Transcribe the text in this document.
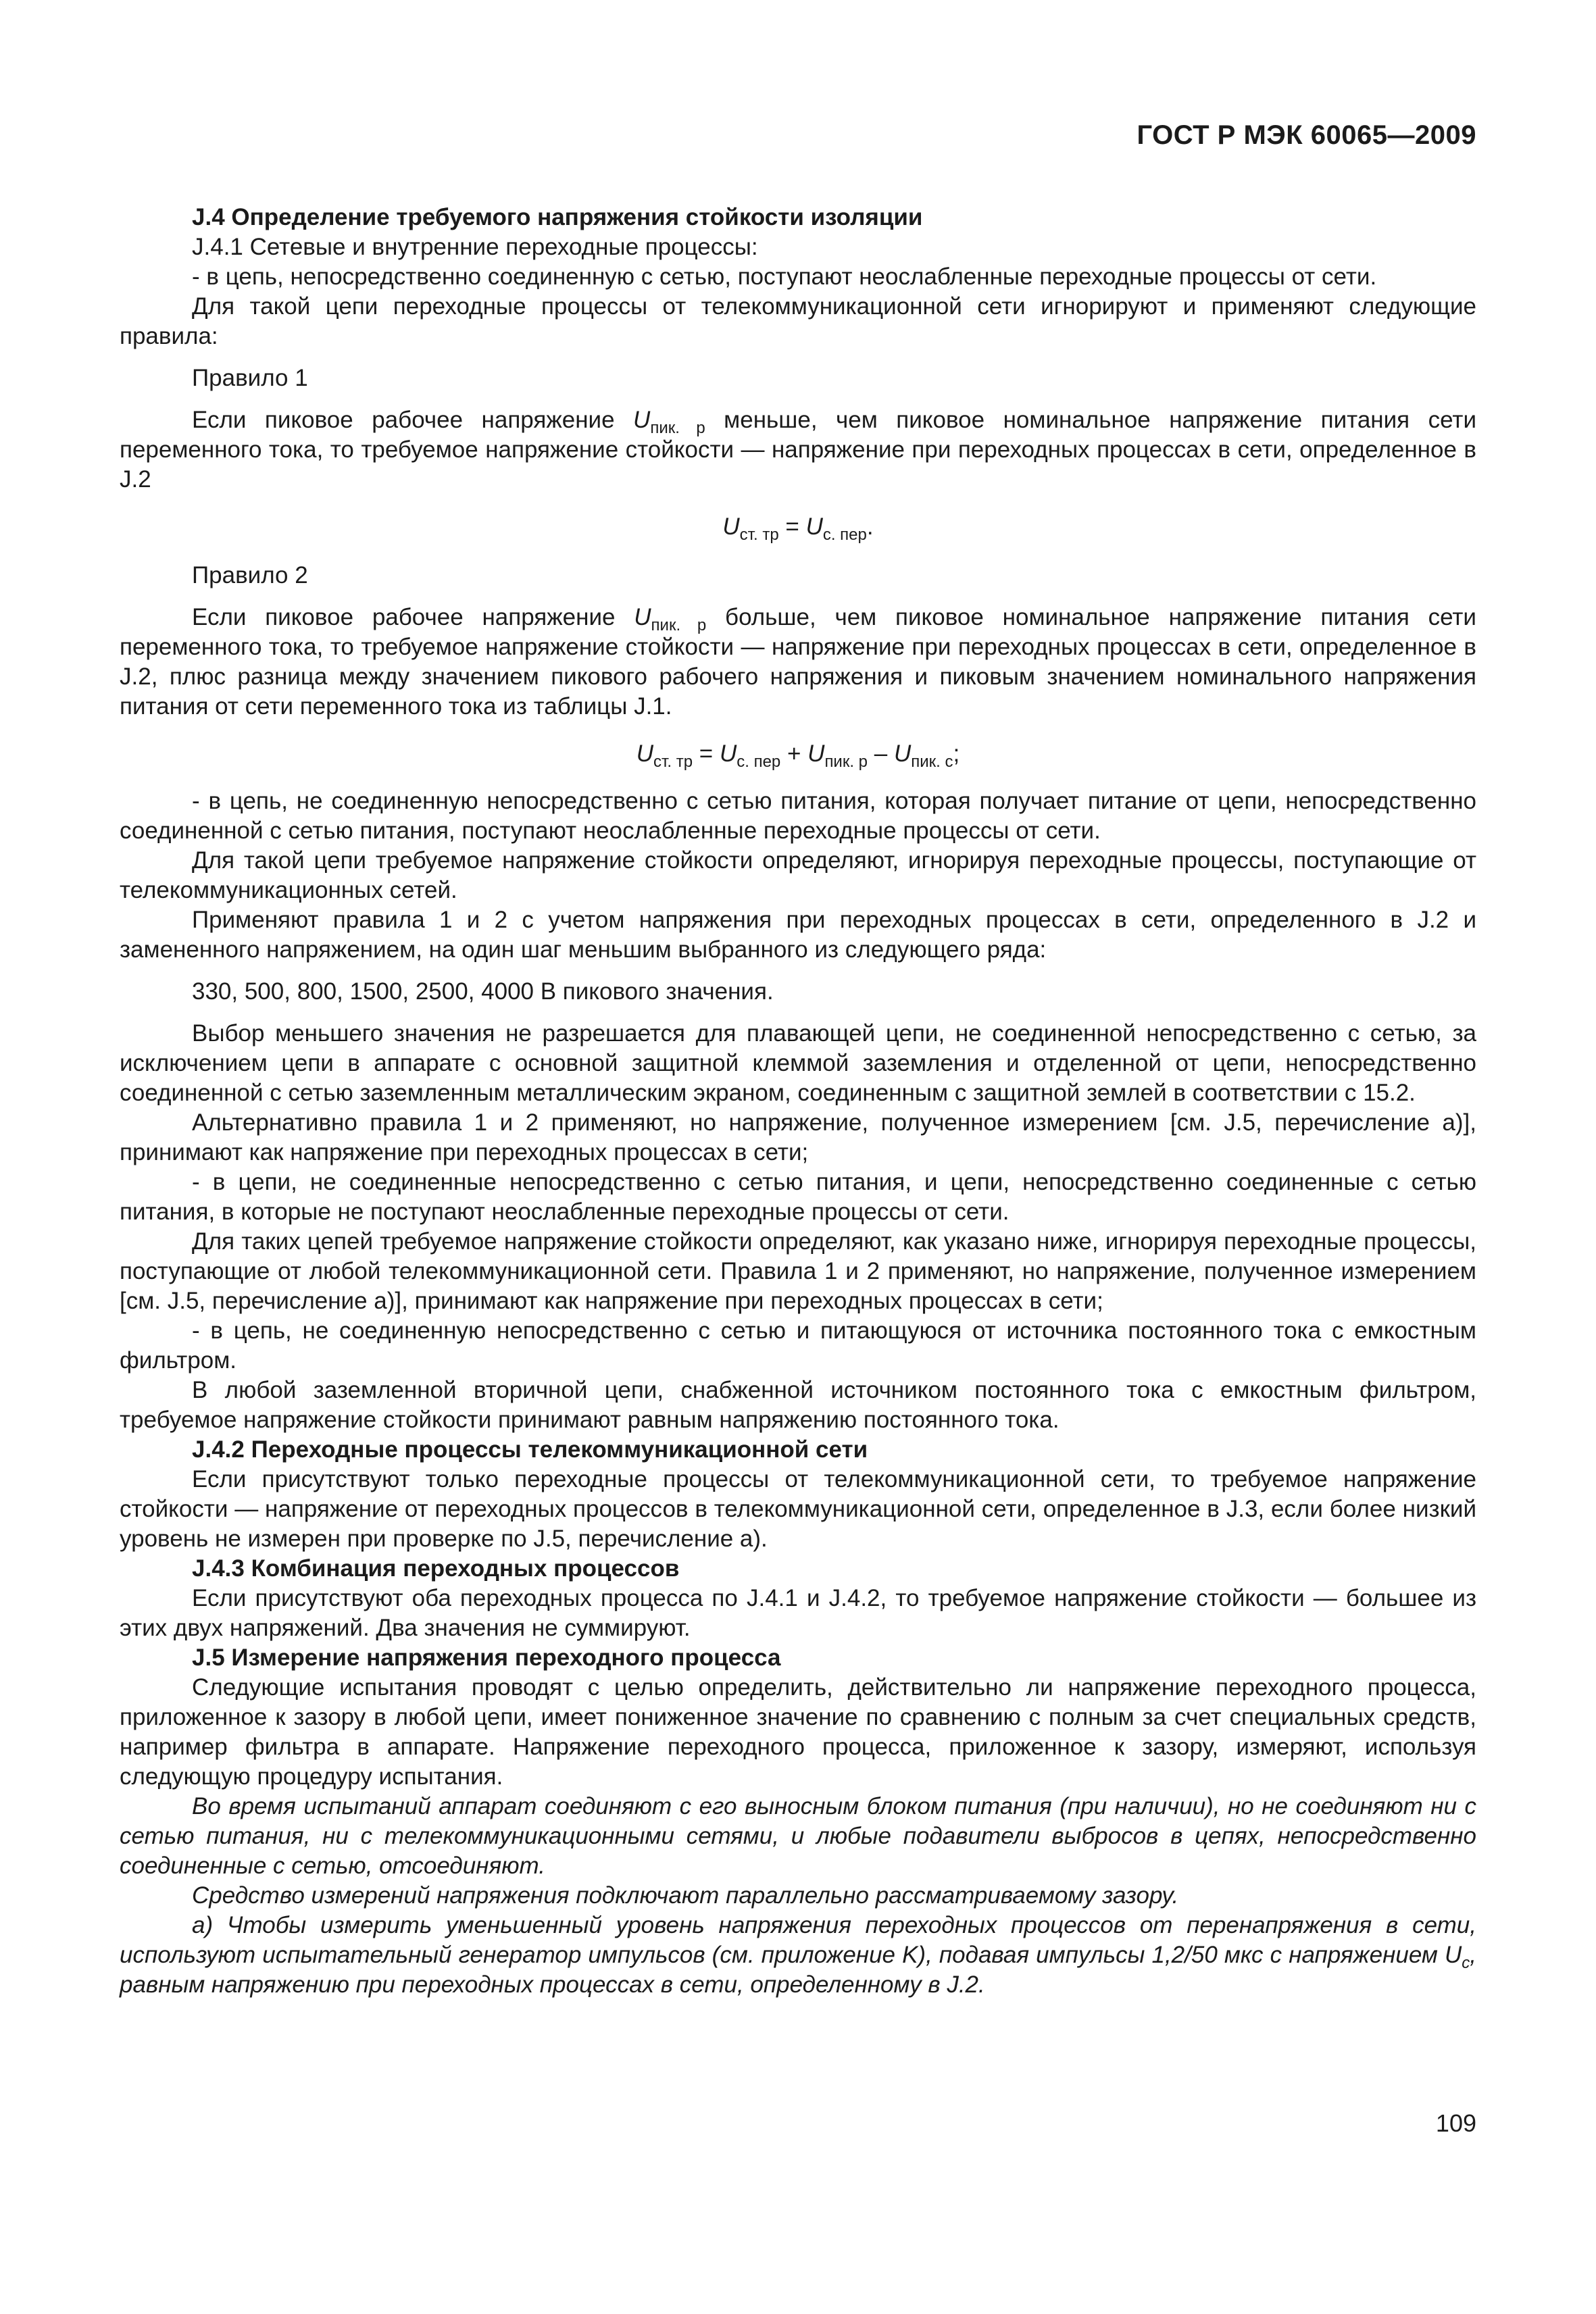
ГОСТ Р МЭК 60065—2009

J.4 Определение требуемого напряжения стойкости изоляции

J.4.1 Сетевые и внутренние переходные процессы:

- в цепь, непосредственно соединенную с сетью, поступают неослабленные переходные процессы от сети.

Для такой цепи переходные процессы от телекоммуникационной сети игнорируют и применяют следующие правила:

Правило 1

Если пиковое рабочее напряжение $U_{пик. р}$ меньше, чем пиковое номинальное напряжение питания сети переменного тока, то требуемое напряжение стойкости — напряжение при переходных процессах в сети, определенное в J.2

$U_{ст. тр} = U_{с. пер}$.

Правило 2

Если пиковое рабочее напряжение $U_{пик. р}$ больше, чем пиковое номинальное напряжение питания сети переменного тока, то требуемое напряжение стойкости — напряжение при переходных процессах в сети, определенное в J.2, плюс разница между значением пикового рабочего напряжения и пиковым значением номинального напряжения питания от сети переменного тока из таблицы J.1.

$U_{ст. тр} = U_{с. пер} + U_{пик. р} - U_{пик. с}$;

- в цепь, не соединенную непосредственно с сетью питания, которая получает питание от цепи, непосредственно соединенной с сетью питания, поступают неослабленные переходные процессы от сети.

Для такой цепи требуемое напряжение стойкости определяют, игнорируя переходные процессы, поступающие от телекоммуникационных сетей.

Применяют правила 1 и 2 с учетом напряжения при переходных процессах в сети, определенного в J.2 и замененного напряжением, на один шаг меньшим выбранного из следующего ряда:

330, 500, 800, 1500, 2500, 4000 В пикового значения.

Выбор меньшего значения не разрешается для плавающей цепи, не соединенной непосредственно с сетью, за исключением цепи в аппарате с основной защитной клеммой заземления и отделенной от цепи, непосредственно соединенной с сетью заземленным металлическим экраном, соединенным с защитной землей в соответствии с 15.2.

Альтернативно правила 1 и 2 применяют, но напряжение, полученное измерением [см. J.5, перечисление а)], принимают как напряжение при переходных процессах в сети;

- в цепи, не соединенные непосредственно с сетью питания, и цепи, непосредственно соединенные с сетью питания, в которые не поступают неослабленные переходные процессы от сети.

Для таких цепей требуемое напряжение стойкости определяют, как указано ниже, игнорируя переходные процессы, поступающие от любой телекоммуникационной сети. Правила 1 и 2 применяют, но напряжение, полученное измерением [см. J.5, перечисление а)], принимают как напряжение при переходных процессах в сети;

- в цепь, не соединенную непосредственно с сетью и питающуюся от источника постоянного тока с емкостным фильтром.

В любой заземленной вторичной цепи, снабженной источником постоянного тока с емкостным фильтром, требуемое напряжение стойкости принимают равным напряжению постоянного тока.

J.4.2 Переходные процессы телекоммуникационной сети

Если присутствуют только переходные процессы от телекоммуникационной сети, то требуемое напряжение стойкости — напряжение от переходных процессов в телекоммуникационной сети, определенное в J.3, если более низкий уровень не измерен при проверке по J.5, перечисление а).

J.4.3 Комбинация переходных процессов

Если присутствуют оба переходных процесса по J.4.1 и J.4.2, то требуемое напряжение стойкости — большее из этих двух напряжений. Два значения не суммируют.

J.5 Измерение напряжения переходного процесса

Следующие испытания проводят с целью определить, действительно ли напряжение переходного процесса, приложенное к зазору в любой цепи, имеет пониженное значение по сравнению с полным за счет специальных средств, например фильтра в аппарате. Напряжение переходного процесса, приложенное к зазору, измеряют, используя следующую процедуру испытания.

Во время испытаний аппарат соединяют с его выносным блоком питания (при наличии), но не соединяют ни с сетью питания, ни с телекоммуникационными сетями, и любые подавители выбросов в цепях, непосредственно соединенные с сетью, отсоединяют.

Средство измерений напряжения подключают параллельно рассматриваемому зазору.

а) Чтобы измерить уменьшенный уровень напряжения переходных процессов от перенапряжения в сети, используют испытательный генератор импульсов (см. приложение K), подавая импульсы 1,2/50 мкс с напряжением $U_с$, равным напряжению при переходных процессах в сети, определенному в J.2.

109
